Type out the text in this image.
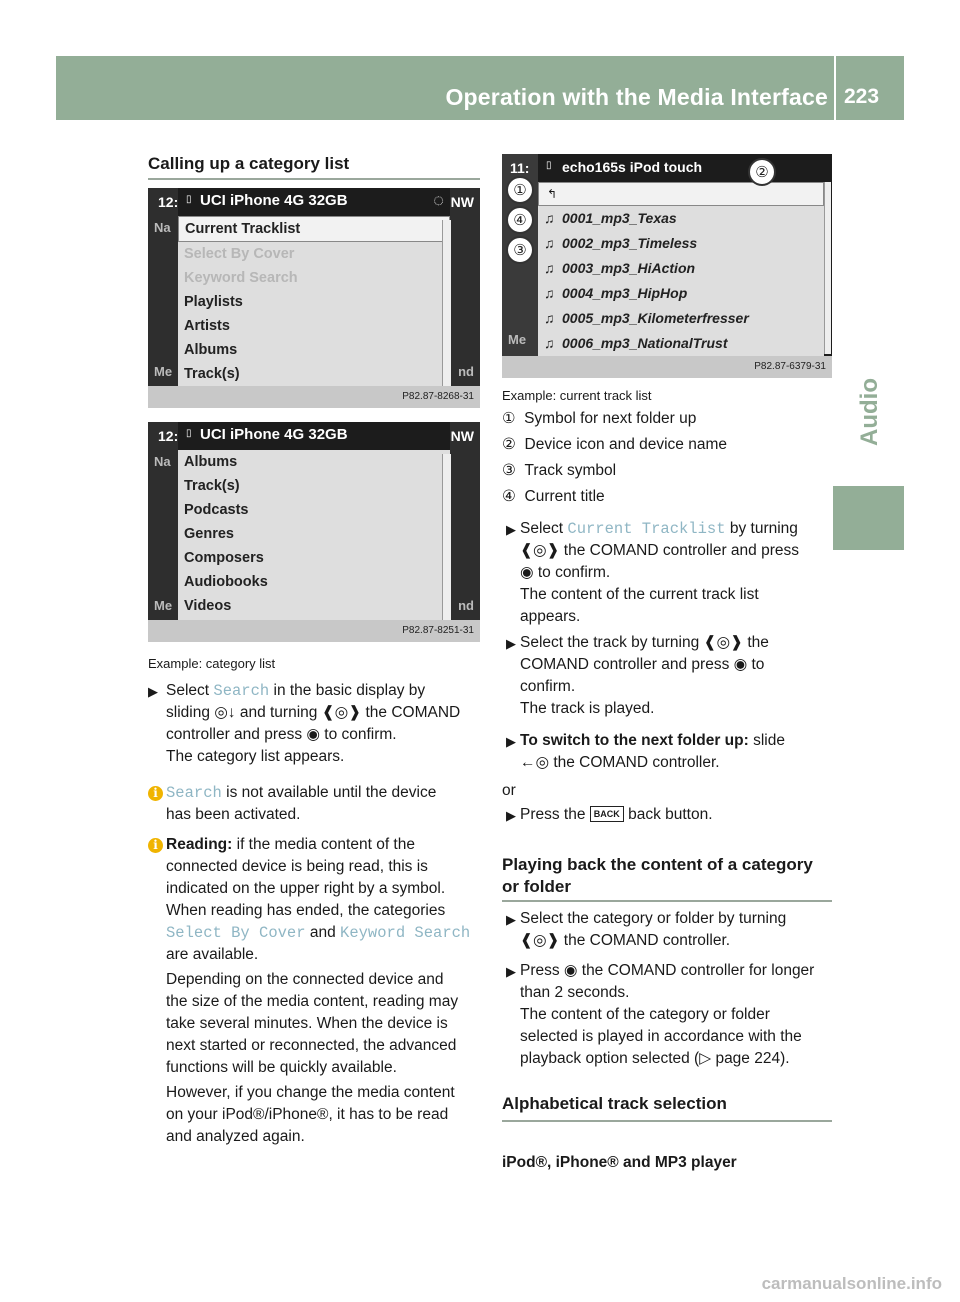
Operation with the Media Interface 223
Audio
Calling up a category list
12:
Na
Me
NW
nd
▯ UCI iPhone 4G 32GB	◌
Current Tracklist
Select By Cover
Keyword Search
Playlists
Artists
Albums
Track(s)
P82.87-8268-31
12:
Na
Me
NW
nd
▯ UCI iPhone 4G 32GB
Albums
Track(s)
Podcasts
Genres
Composers
Audiobooks
Videos
P82.87-8251-31
Example: category list
▶ Select Search in the basic display by
sliding ◎↓ and turning ❰◎❱ the COMAND
controller and press ◉ to confirm.
The category list appears.
i Search is not available until the device
has been activated.
i Reading: if the media content of the
connected device is being read, this is
indicated on the upper right by a symbol.
When reading has ended, the categories
Select By Cover and Keyword Search
are available.
Depending on the connected device and
the size of the media content, reading may
take several minutes. When the device is
next started or reconnected, the advanced
functions will be quickly available.
However, if you change the media content
on your iPod®/iPhone®, it has to be read
and analyzed again.
11:
Me
▯ echo165s iPod touch
↰
♫ 0001_mp3_Texas
♫ 0002_mp3_Timeless
♫ 0003_mp3_HiAction
♫ 0004_mp3_HipHop
♫ 0005_mp3_Kilometerfresser
♫ 0006_mp3_NationalTrust
P82.87-6379-31
①
②
③
④
Example: current track list
① Symbol for next folder up
② Device icon and device name
③ Track symbol
④ Current title
▶ Select Current Tracklist by turning
❰◎❱ the COMAND controller and press
◉ to confirm.
The content of the current track list
appears.
▶ Select the track by turning ❰◎❱ the
COMAND controller and press ◉ to
confirm.
The track is played.
▶ To switch to the next folder up: slide
←◎ the COMAND controller.
or
▶ Press the BACK back button.
Playing back the content of a category
or folder
▶ Select the category or folder by turning
❰◎❱ the COMAND controller.
▶ Press ◉ the COMAND controller for longer
than 2 seconds.
The content of the category or folder
selected is played in accordance with the
playback option selected (▷ page 224).
Alphabetical track selection
iPod®, iPhone® and MP3 player
carmanualsonline.info
